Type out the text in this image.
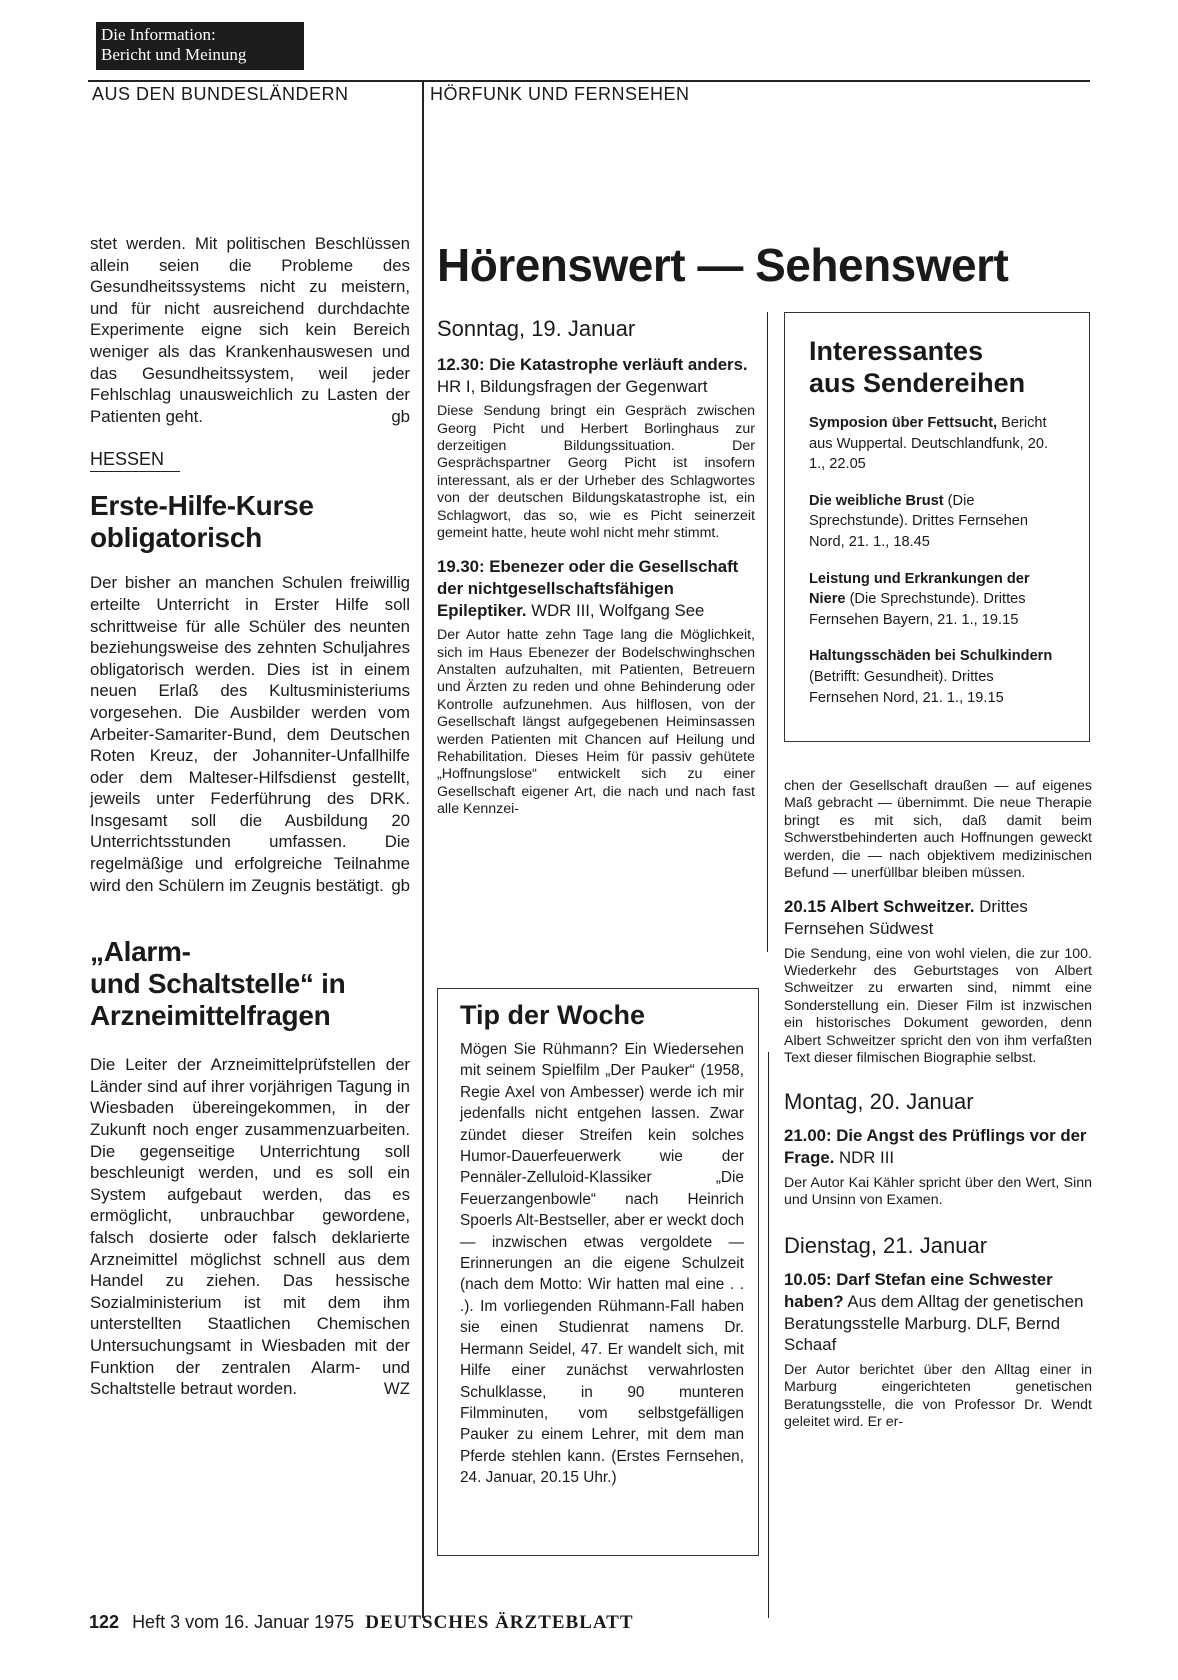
Die Information:
Bericht und Meinung
AUS DEN BUNDESLÄNDERN	HÖRFUNK UND FERNSEHEN

stet werden. Mit politischen Beschlüssen allein seien die Probleme des Gesundheitssystems nicht zu meistern, und für nicht ausreichend durchdachte Experimente eigne sich kein Bereich weniger als das Krankenhauswesen und das Gesundheitssystem, weil jeder Fehlschlag unausweichlich zu Lasten der Patienten geht.	gb

HESSEN
Erste-Hilfe-Kurse obligatorisch

Der bisher an manchen Schulen freiwillig erteilte Unterricht in Erster Hilfe soll schrittweise für alle Schüler des neunten beziehungsweise des zehnten Schuljahres obligatorisch werden. Dies ist in einem neuen Erlaß des Kultusministeriums vorgesehen. Die Ausbilder werden vom Arbeiter-Samariter-Bund, dem Deutschen Roten Kreuz, der Johanniter-Unfallhilfe oder dem Malteser-Hilfsdienst gestellt, jeweils unter Federführung des DRK. Insgesamt soll die Ausbildung 20 Unterrichtsstunden umfassen. Die regelmäßige und erfolgreiche Teilnahme wird den Schülern im Zeugnis bestätigt. gb

„Alarm-
und Schaltstelle“ in
Arzneimittelfragen

Die Leiter der Arzneimittelprüfstellen der Länder sind auf ihrer vorjährigen Tagung in Wiesbaden übereingekommen, in der Zukunft noch enger zusammenzuarbeiten. Die gegenseitige Unterrichtung soll beschleunigt werden, und es soll ein System aufgebaut werden, das es ermöglicht, unbrauchbar gewordene, falsch dosierte oder falsch deklarierte Arzneimittel möglichst schnell aus dem Handel zu ziehen. Das hessische Sozialministerium ist mit dem ihm unterstellten Staatlichen Chemischen Untersuchungsamt in Wiesbaden mit der Funktion der zentralen Alarm- und Schaltstelle betraut worden.	WZ

Hörenswert — Sehenswert
Sonntag, 19. Januar

12.30: Die Katastrophe verläuft anders. HR I, Bildungsfragen der Gegenwart

Diese Sendung bringt ein Gespräch zwischen Georg Picht und Herbert Borlinghaus zur derzeitigen Bildungssituation. Der Gesprächspartner Georg Picht ist insofern interessant, als er der Urheber des Schlagwortes von der deutschen Bildungskatastrophe ist, ein Schlagwort, das so, wie es Picht seinerzeit gemeint hatte, heute wohl nicht mehr stimmt.

19.30: Ebenezer oder die Gesellschaft der nichtgesellschaftsfähigen Epileptiker. WDR III, Wolfgang See

Der Autor hatte zehn Tage lang die Möglichkeit, sich im Haus Ebenezer der Bodelschwinghschen Anstalten aufzuhalten, mit Patienten, Betreuern und Ärzten zu reden und ohne Behinderung oder Kontrolle aufzunehmen. Aus hilflosen, von der Gesellschaft längst aufgegebenen Heiminsassen werden Patienten mit Chancen auf Heilung und Rehabilitation. Dieses Heim für passiv gehütete „Hoffnungslose“ entwickelt sich zu einer Gesellschaft eigener Art, die nach und nach fast alle Kennzei-

Tip der Woche

Mögen Sie Rühmann? Ein Wiedersehen mit seinem Spielfilm „Der Pauker“ (1958, Regie Axel von Ambesser) werde ich mir jedenfalls nicht entgehen lassen. Zwar zündet dieser Streifen kein solches Humor-Dauerfeuerwerk wie der Pennäler-Zelluloid-Klassiker „Die Feuerzangenbowle“ nach Heinrich Spoerls Alt-Bestseller, aber er weckt doch — inzwischen etwas vergoldete — Erinnerungen an die eigene Schulzeit (nach dem Motto: Wir hatten mal eine . . .). Im vorliegenden Rühmann-Fall haben sie einen Studienrat namens Dr. Hermann Seidel, 47. Er wandelt sich, mit Hilfe einer zunächst verwahrlosten Schulklasse, in 90 munteren Filmminuten, vom selbstgefälligen Pauker zu einem Lehrer, mit dem man Pferde stehlen kann. (Erstes Fernsehen, 24. Januar, 20.15 Uhr.)

Interessantes
aus Sendereihen

Symposion über Fettsucht, Bericht aus Wuppertal. Deutschlandfunk, 20. 1., 22.05

Die weibliche Brust (Die Sprechstunde). Drittes Fernsehen Nord, 21. 1., 18.45

Leistung und Erkrankungen der Niere (Die Sprechstunde). Drittes Fernsehen Bayern, 21. 1., 19.15

Haltungsschäden bei Schulkindern (Betrifft: Gesundheit). Drittes Fernsehen Nord, 21. 1., 19.15

chen der Gesellschaft draußen — auf eigenes Maß gebracht — übernimmt. Die neue Therapie bringt es mit sich, daß damit beim Schwerstbehinderten auch Hoffnungen geweckt werden, die — nach objektivem medizinischen Befund — unerfüllbar bleiben müssen.

20.15 Albert Schweitzer. Drittes Fernsehen Südwest

Die Sendung, eine von wohl vielen, die zur 100. Wiederkehr des Geburtstages von Albert Schweitzer zu erwarten sind, nimmt eine Sonderstellung ein. Dieser Film ist inzwischen ein historisches Dokument geworden, denn Albert Schweitzer spricht den von ihm verfaßten Text dieser filmischen Biographie selbst.

Montag, 20. Januar

21.00: Die Angst des Prüflings vor der Frage. NDR III

Der Autor Kai Kähler spricht über den Wert, Sinn und Unsinn von Examen.

Dienstag, 21. Januar

10.05: Darf Stefan eine Schwester haben? Aus dem Alltag der genetischen Beratungsstelle Marburg. DLF, Bernd Schaaf

Der Autor berichtet über den Alltag einer in Marburg eingerichteten genetischen Beratungsstelle, die von Professor Dr. Wendt geleitet wird. Er er-

122 Heft 3 vom 16. Januar 1975 DEUTSCHES ÄRZTEBLATT
